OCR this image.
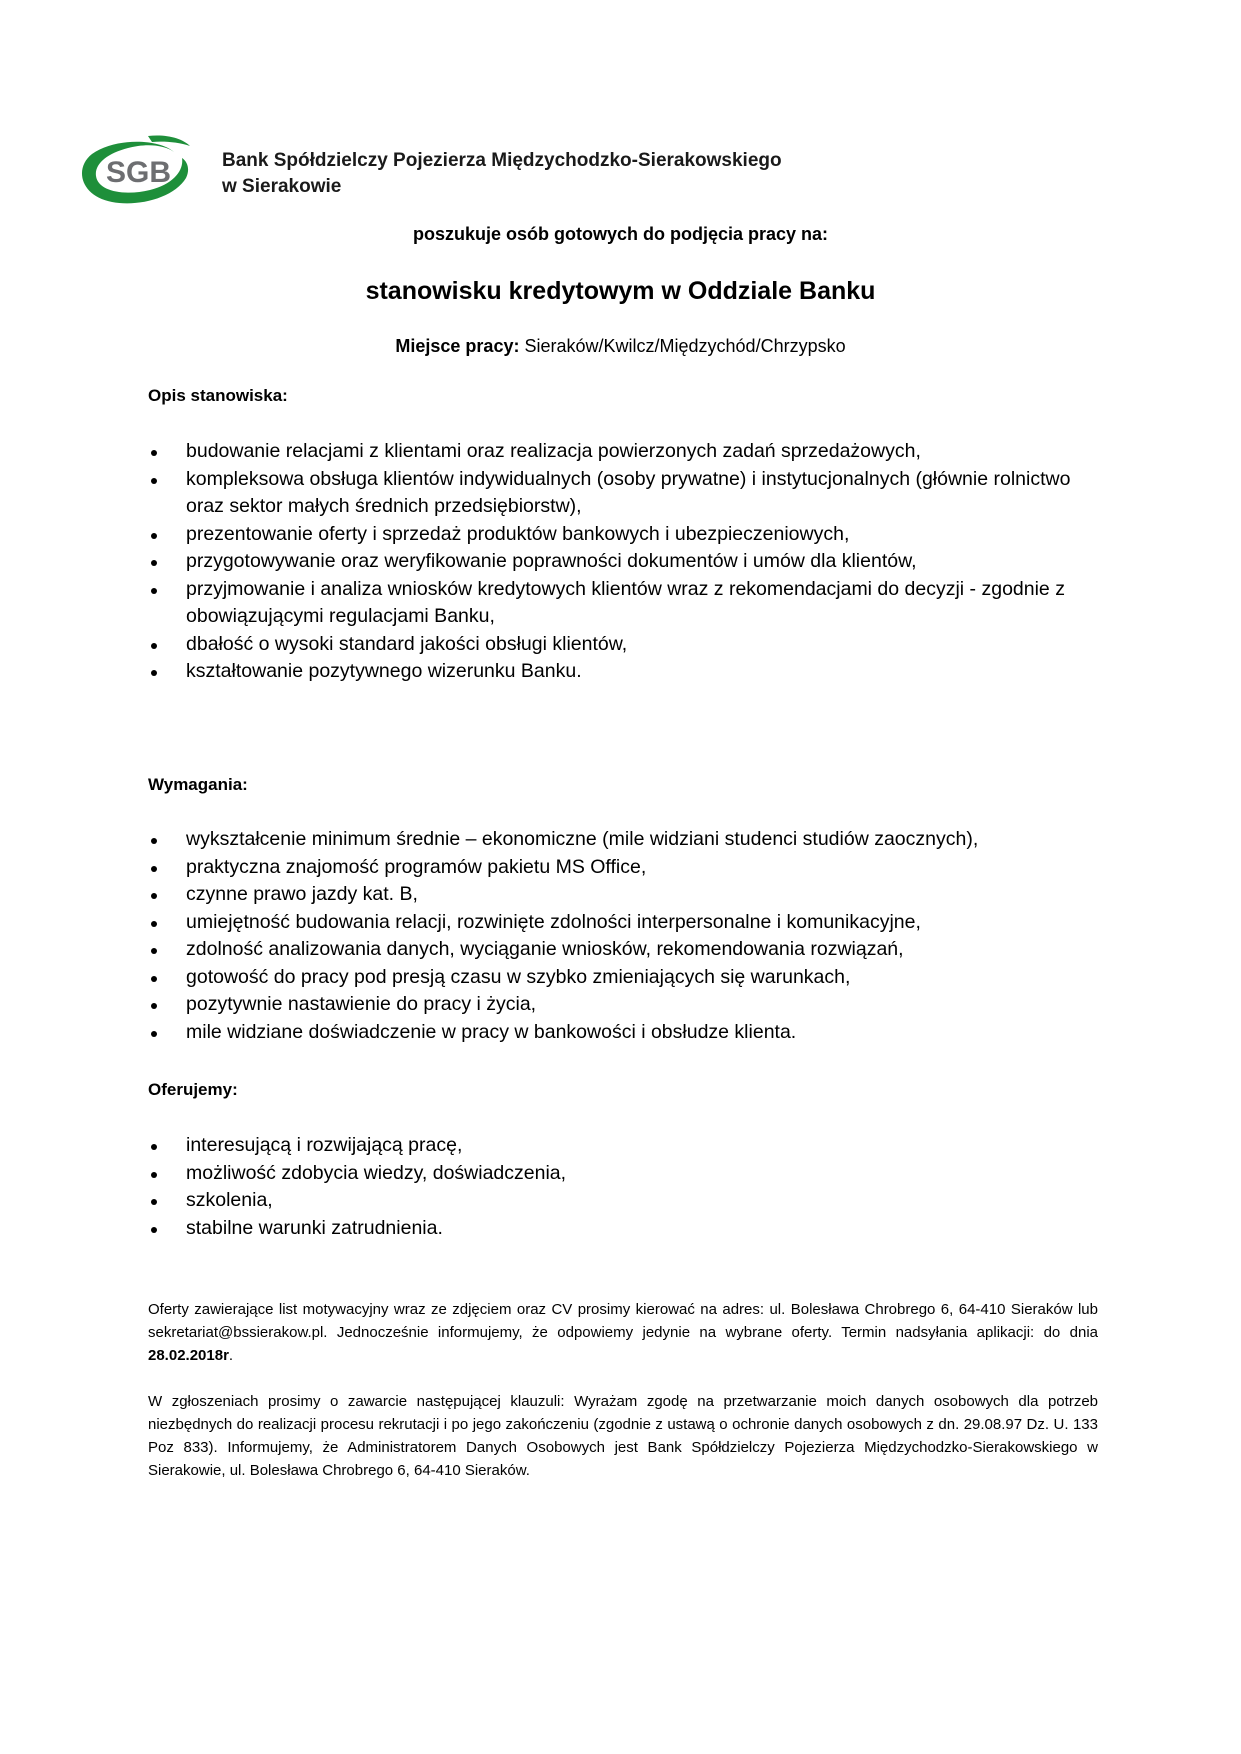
SGB	Bank Spółdzielczy Pojezierza Międzychodzko-Sierakowskiego
w Sierakowie
poszukuje osób gotowych do podjęcia pracy na:
stanowisku kredytowym w Oddziale Banku
Miejsce pracy: Sieraków/Kwilcz/Międzychód/Chrzypsko
Opis stanowiska:
budowanie relacjami z klientami oraz realizacja powierzonych zadań sprzedażowych,
kompleksowa obsługa klientów indywidualnych (osoby prywatne) i instytucjonalnych (głównie rolnictwo oraz sektor małych średnich przedsiębiorstw),
prezentowanie oferty i sprzedaż produktów bankowych i ubezpieczeniowych,
przygotowywanie oraz weryfikowanie poprawności dokumentów i umów dla klientów,
przyjmowanie i analiza wniosków kredytowych klientów wraz z rekomendacjami do decyzji - zgodnie z obowiązującymi regulacjami Banku,
dbałość o wysoki standard jakości obsługi klientów,
kształtowanie pozytywnego wizerunku Banku.
Wymagania:
wykształcenie minimum średnie – ekonomiczne (mile widziani studenci studiów zaocznych),
praktyczna znajomość programów pakietu MS Office,
czynne prawo jazdy kat. B,
umiejętność budowania relacji, rozwinięte zdolności interpersonalne i komunikacyjne,
zdolność analizowania danych, wyciąganie wniosków, rekomendowania rozwiązań,
gotowość do pracy pod presją czasu w szybko zmieniających się warunkach,
pozytywnie nastawienie do pracy i życia,
mile widziane doświadczenie w pracy w bankowości i obsłudze klienta.
Oferujemy:
interesującą i rozwijającą pracę,
możliwość zdobycia wiedzy, doświadczenia,
szkolenia,
stabilne warunki zatrudnienia.
Oferty zawierające list motywacyjny wraz ze zdjęciem oraz CV prosimy kierować na adres: ul. Bolesława Chrobrego 6, 64-410 Sieraków lub sekretariat@bssierakow.pl. Jednocześnie informujemy, że odpowiemy jedynie na wybrane oferty. Termin nadsyłania aplikacji: do dnia 28.02.2018r.
W zgłoszeniach prosimy o zawarcie następującej klauzuli: Wyrażam zgodę na przetwarzanie moich danych osobowych dla potrzeb niezbędnych do realizacji procesu rekrutacji i po jego zakończeniu (zgodnie z ustawą o ochronie danych osobowych z dn. 29.08.97 Dz. U. 133 Poz 833). Informujemy, że Administratorem Danych Osobowych jest Bank Spółdzielczy Pojezierza Międzychodzko-Sierakowskiego w Sierakowie, ul. Bolesława Chrobrego 6, 64-410 Sieraków.
